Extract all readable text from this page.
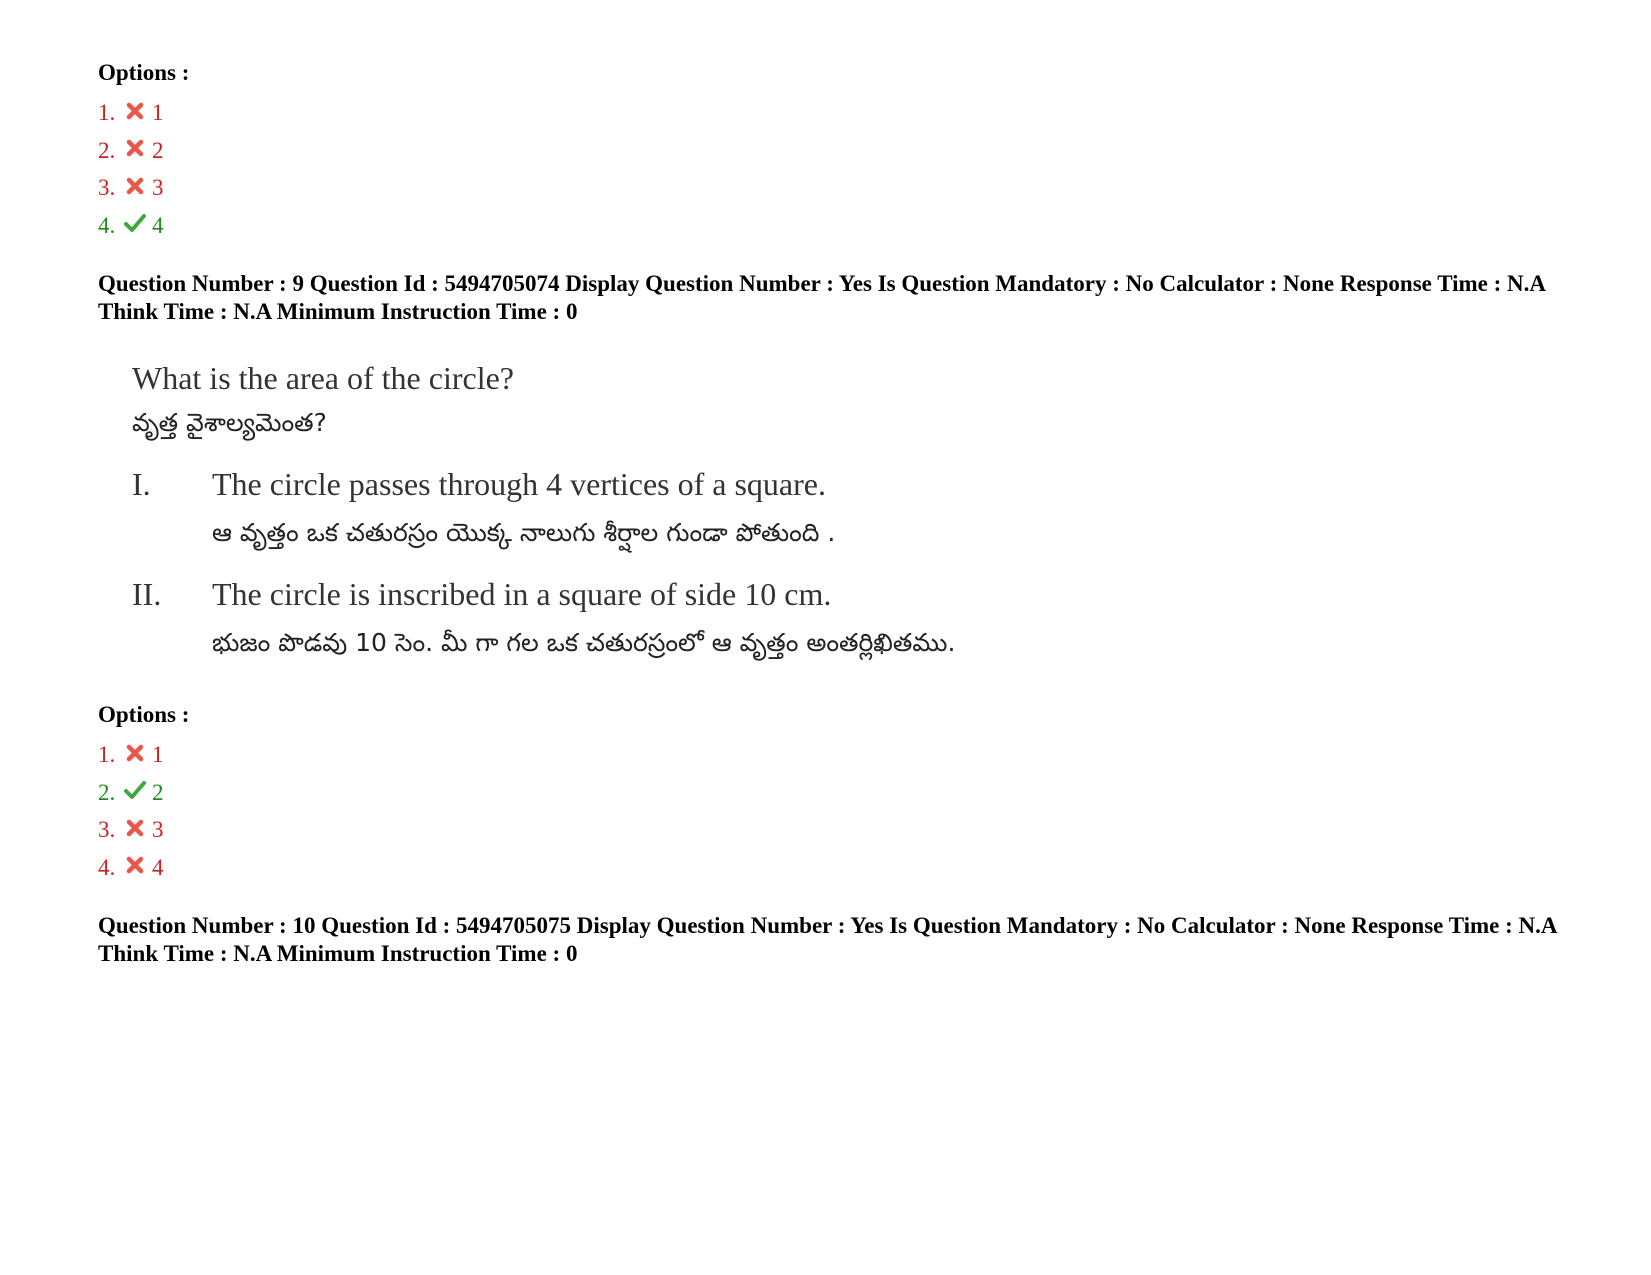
Options :
1.	1
2.	2
3.	3
4.	4
Question Number : 9 Question Id : 5494705074 Display Question Number : Yes Is Question Mandatory : No Calculator : None Response Time : N.A Think Time : N.A Minimum Instruction Time : 0
What is the area of the circle?
వృత్త వైశాల్యమెంత?
I.	The circle passes through 4 vertices of a square.
ఆ వృత్తం ఒక చతురస్రం యొక్క నాలుగు శీర్షాల గుండా పోతుంది .
II.	The circle is inscribed in a square of side 10 cm.
భుజం పొడవు 10 సెం. మీ గా గల ఒక చతురస్రంలో ఆ వృత్తం అంతర్లిఖితము.
Options :
1.	1
2.	2
3.	3
4.	4
Question Number : 10 Question Id : 5494705075 Display Question Number : Yes Is Question Mandatory : No Calculator : None Response Time : N.A Think Time : N.A Minimum Instruction Time : 0
